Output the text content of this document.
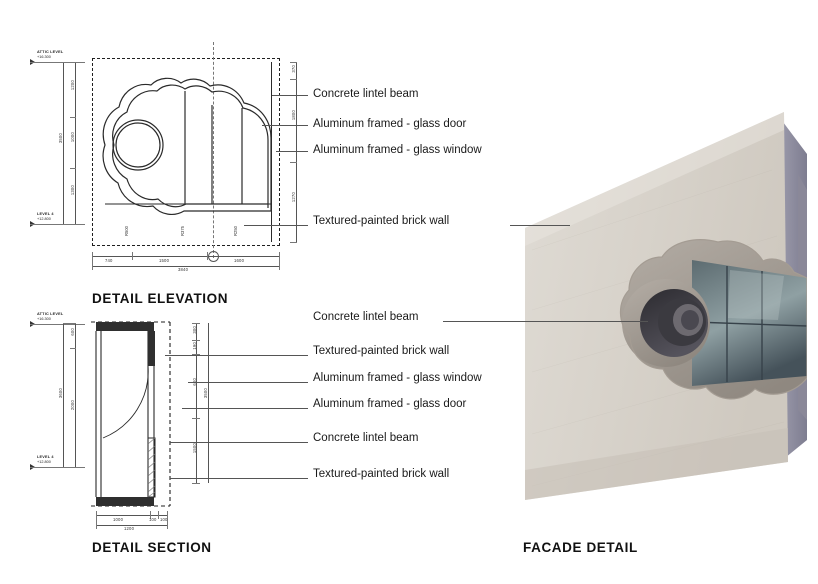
ATTIC LEVEL
+16.300
LEVEL 4
+12.800
R500	R375	R250
1200
1000
1300
3500
370
1800
1270
740	1500	1600
3840
DETAIL ELEVATION
Concrete lintel beam
Aluminum framed - glass door
Aluminum framed - glass window
Textured-painted brick wall
ATTIC LEVEL
+16.300
LEVEL 4
+12.800
600
2000
3600
300
190
600
1500
3500
1000	100 100
1200
DETAIL SECTION
Textured-painted brick wall
Aluminum framed - glass window
Aluminum framed - glass door
Concrete lintel beam
Textured-painted brick wall
Concrete lintel beam
FACADE DETAIL
